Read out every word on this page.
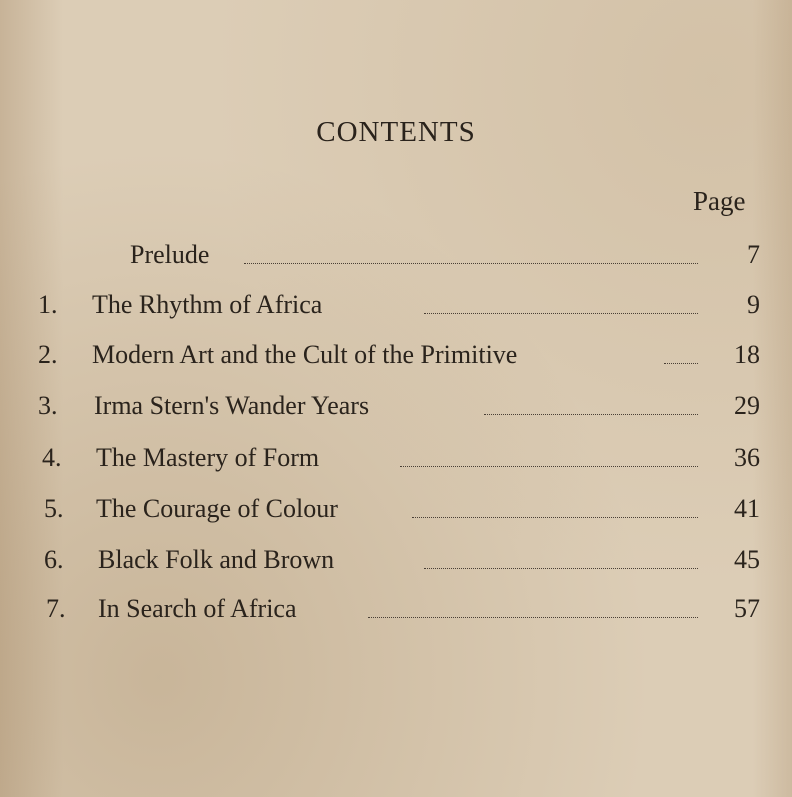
CONTENTS
Page
Prelude	7
1.	The Rhythm of Africa	9
2.	Modern Art and the Cult of the Primitive	18
3.	Irma Stern's Wander Years	29
4.	The Mastery of Form	36
5.	The Courage of Colour	41
6.	Black Folk and Brown	45
7.	In Search of Africa	57
